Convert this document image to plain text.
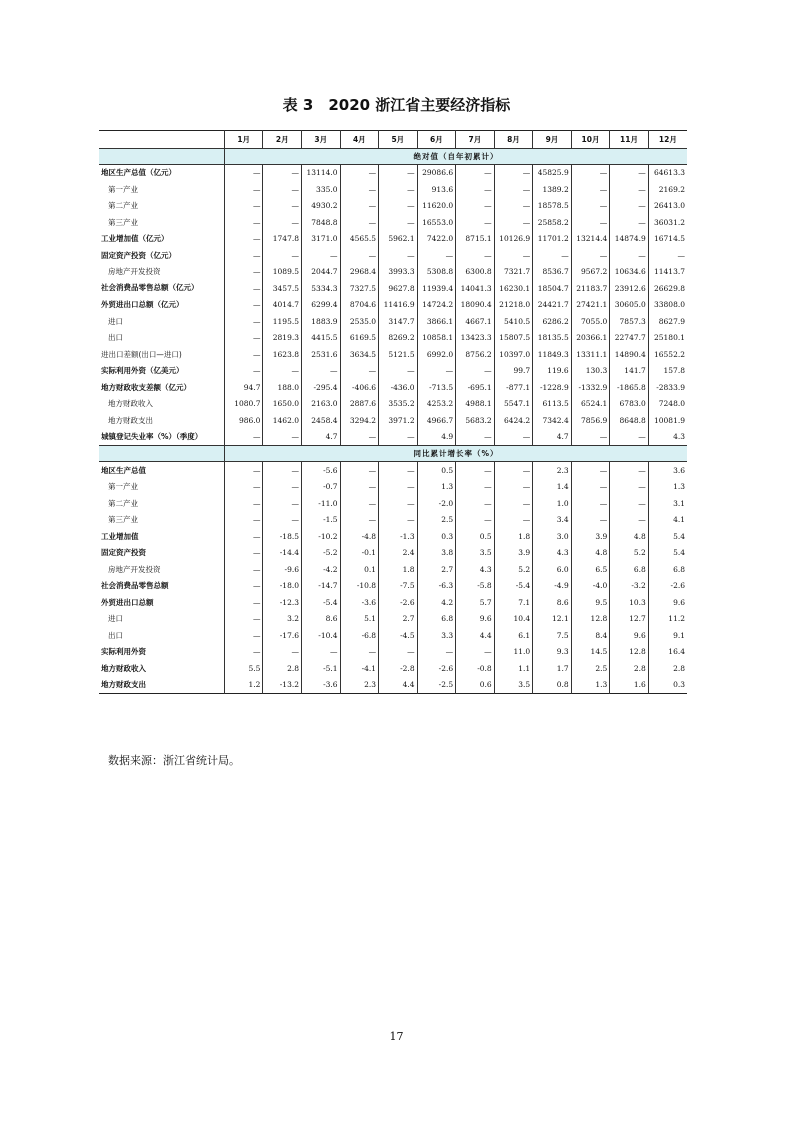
表 3　2020 浙江省主要经济指标
	1月	2月	3月	4月	5月	6月	7月	8月	9月	10月	11月	12月
	绝对值（自年初累计）											
地区生产总值（亿元）	—	—	13114.0	—	—	29086.6	—	—	45825.9	—	—	64613.3
第一产业	—	—	335.0	—	—	913.6	—	—	1389.2	—	—	2169.2
第二产业	—	—	4930.2	—	—	11620.0	—	—	18578.5	—	—	26413.0
第三产业	—	—	7848.8	—	—	16553.0	—	—	25858.2	—	—	36031.2
工业增加值（亿元）	—	1747.8	3171.0	4565.5	5962.1	7422.0	8715.1	10126.9	11701.2	13214.4	14874.9	16714.5
固定资产投资（亿元）	—	—	—	—	—	—	—	—	—	—	—	—
房地产开发投资	—	1089.5	2044.7	2968.4	3993.3	5308.8	6300.8	7321.7	8536.7	9567.2	10634.6	11413.7
社会消费品零售总额（亿元）	—	3457.5	5334.3	7327.5	9627.8	11939.4	14041.3	16230.1	18504.7	21183.7	23912.6	26629.8
外贸进出口总额（亿元）	—	4014.7	6299.4	8704.6	11416.9	14724.2	18090.4	21218.0	24421.7	27421.1	30605.0	33808.0
进口	—	1195.5	1883.9	2535.0	3147.7	3866.1	4667.1	5410.5	6286.2	7055.0	7857.3	8627.9
出口	—	2819.3	4415.5	6169.5	8269.2	10858.1	13423.3	15807.5	18135.5	20366.1	22747.7	25180.1
进出口差额(出口—进口)	—	1623.8	2531.6	3634.5	5121.5	6992.0	8756.2	10397.0	11849.3	13311.1	14890.4	16552.2
实际利用外资（亿美元）	—	—	—	—	—	—	—	99.7	119.6	130.3	141.7	157.8
地方财政收支差额（亿元）	94.7	188.0	-295.4	-406.6	-436.0	-713.5	-695.1	-877.1	-1228.9	-1332.9	-1865.8	-2833.9
地方财政收入	1080.7	1650.0	2163.0	2887.6	3535.2	4253.2	4988.1	5547.1	6113.5	6524.1	6783.0	7248.0
地方财政支出	986.0	1462.0	2458.4	3294.2	3971.2	4966.7	5683.2	6424.2	7342.4	7856.9	8648.8	10081.9
城镇登记失业率（%）（季度）	—	—	4.7	—	—	4.9	—	—	4.7	—	—	4.3
	同比累计增长率（%）											
地区生产总值	—	—	-5.6	—	—	0.5	—	—	2.3	—	—	3.6
第一产业	—	—	-0.7	—	—	1.3	—	—	1.4	—	—	1.3
第二产业	—	—	-11.0	—	—	-2.0	—	—	1.0	—	—	3.1
第三产业	—	—	-1.5	—	—	2.5	—	—	3.4	—	—	4.1
工业增加值	—	-18.5	-10.2	-4.8	-1.3	0.3	0.5	1.8	3.0	3.9	4.8	5.4
固定资产投资	—	-14.4	-5.2	-0.1	2.4	3.8	3.5	3.9	4.3	4.8	5.2	5.4
房地产开发投资	—	-9.6	-4.2	0.1	1.8	2.7	4.3	5.2	6.0	6.5	6.8	6.8
社会消费品零售总额	—	-18.0	-14.7	-10.8	-7.5	-6.3	-5.8	-5.4	-4.9	-4.0	-3.2	-2.6
外贸进出口总额	—	-12.3	-5.4	-3.6	-2.6	4.2	5.7	7.1	8.6	9.5	10.3	9.6
进口	—	3.2	8.6	5.1	2.7	6.8	9.6	10.4	12.1	12.8	12.7	11.2
出口	—	-17.6	-10.4	-6.8	-4.5	3.3	4.4	6.1	7.5	8.4	9.6	9.1
实际利用外资	—	—	—	—	—	—	—	11.0	9.3	14.5	12.8	16.4
地方财政收入	5.5	2.8	-5.1	-4.1	-2.8	-2.6	-0.8	1.1	1.7	2.5	2.8	2.8
地方财政支出	1.2	-13.2	-3.6	2.3	4.4	-2.5	0.6	3.5	0.8	1.3	1.6	0.3
数据来源：浙江省统计局。
17
